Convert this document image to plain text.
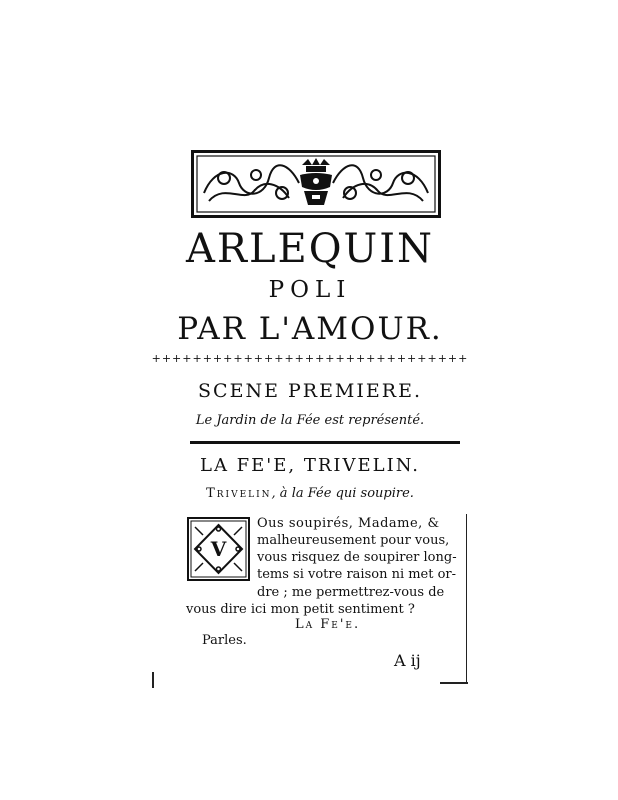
ARLEQUIN
POLI
PAR L'AMOUR.
+++++++++++++++++++++++++++++++
SCENE PREMIERE.
Le Jardin de la Fée est représenté.
LA FE'E, TRIVELIN.
Trivelin, à la Fée qui soupire.
V
Ous soupirés, Madame, &
malheureusement pour vous,
vous risquez de soupirer long-
tems si votre raison ni met or-
dre ; me permettrez-vous de
vous dire ici mon petit sentiment ?
La Fe'e.
Parles.
A ij
